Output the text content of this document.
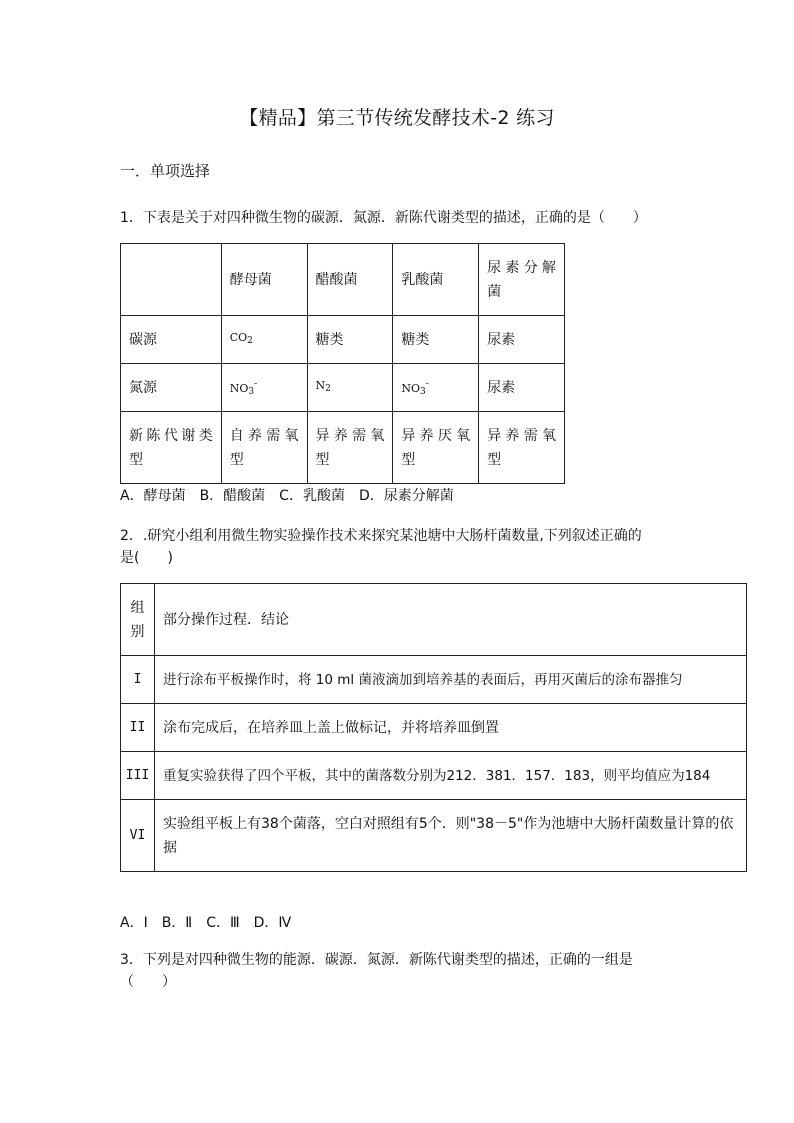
【精品】第三节传统发酵技术-2 练习
一．单项选择
1．下表是关于对四种微生物的碳源．氮源．新陈代谢类型的描述，正确的是（　　）
	酵母菌	醋酸菌	乳酸菌	尿素分解菌
碳源	$CO_2$	糖类	糖类	尿素
氮源	$NO_3^-$	$N_2$	$NO_3^-$	尿素
新陈代谢类型	自养需氧型	异养需氧型	异养厌氧型	异养需氧型
A．酵母菌　B．醋酸菌　C．乳酸菌　D．尿素分解菌
2．.研究小组利用微生物实验操作技术来探究某池塘中大肠杆菌数量,下列叙述正确的
是(　　)
组别	部分操作过程．结论
I	进行涂布平板操作时，将 10 ml 菌液滴加到培养基的表面后，再用灭菌后的涂布器推匀
II	涂布完成后，在培养皿上盖上做标记，并将培养皿倒置
III	重复实验获得了四个平板，其中的菌落数分别为212．381．157．183，则平均值应为184
VI	实验组平板上有38个菌落，空白对照组有5个．则"38－5"作为池塘中大肠杆菌数量计算的依据
A．Ⅰ　B．Ⅱ　C．Ⅲ　D．Ⅳ
3．下列是对四种微生物的能源．碳源．氮源．新陈代谢类型的描述，正确的一组是
（　　）
